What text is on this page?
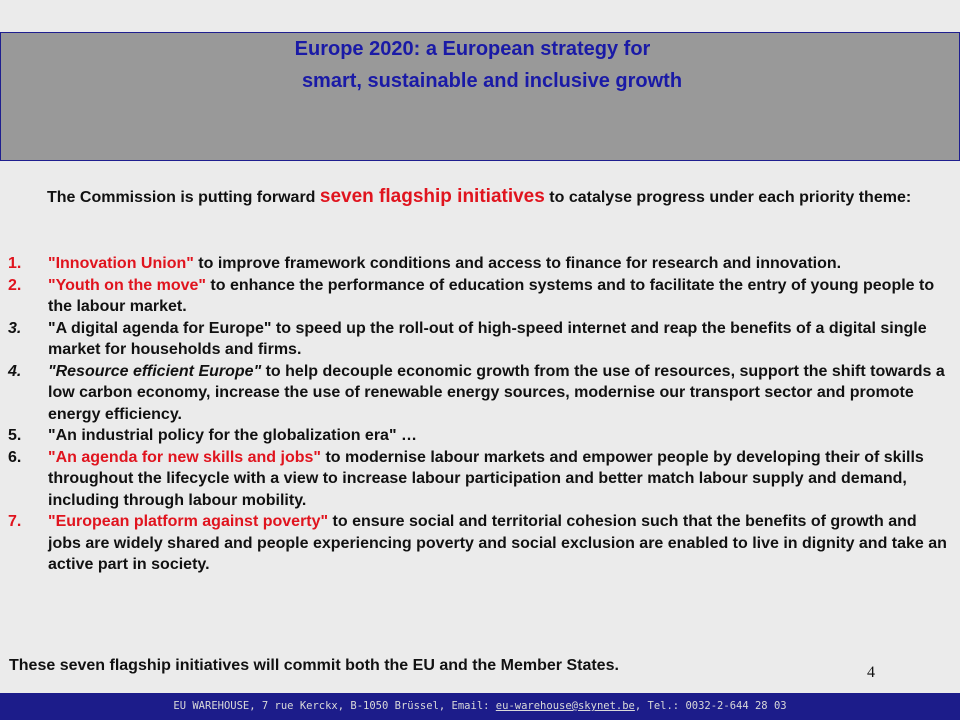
Europe 2020: a European strategy for
smart, sustainable and inclusive growth
The Commission is putting forward seven flagship initiatives to catalyse progress under each priority theme:
1. "Innovation Union" to improve framework conditions and access to finance for research and innovation.
2. "Youth on the move" to enhance the performance of education systems and to facilitate the entry of young people to the labour market.
3. "A digital agenda for Europe" to speed up the roll-out of high-speed internet and reap the benefits of a digital single market for households and firms.
4. "Resource efficient Europe" to help decouple economic growth from the use of resources, support the shift towards a low carbon economy, increase the use of renewable energy sources, modernise our transport sector and promote energy efficiency.
5. "An industrial policy for the globalization era" …
6. "An agenda for new skills and jobs" to modernise labour markets and empower people by developing their of skills throughout the lifecycle with a view to increase labour participation and better match labour supply and demand, including through labour mobility.
7. "European platform against poverty" to ensure social and territorial cohesion such that the benefits of growth and jobs are widely shared and people experiencing poverty and social exclusion are enabled to live in dignity and take an active part in society.
These seven flagship initiatives will commit both the EU and the Member States.	4
EU WAREHOUSE, 7 rue Kerckx, B-1050 Brüssel, Email: eu-warehouse@skynet.be, Tel.: 0032-2-644 28 03
